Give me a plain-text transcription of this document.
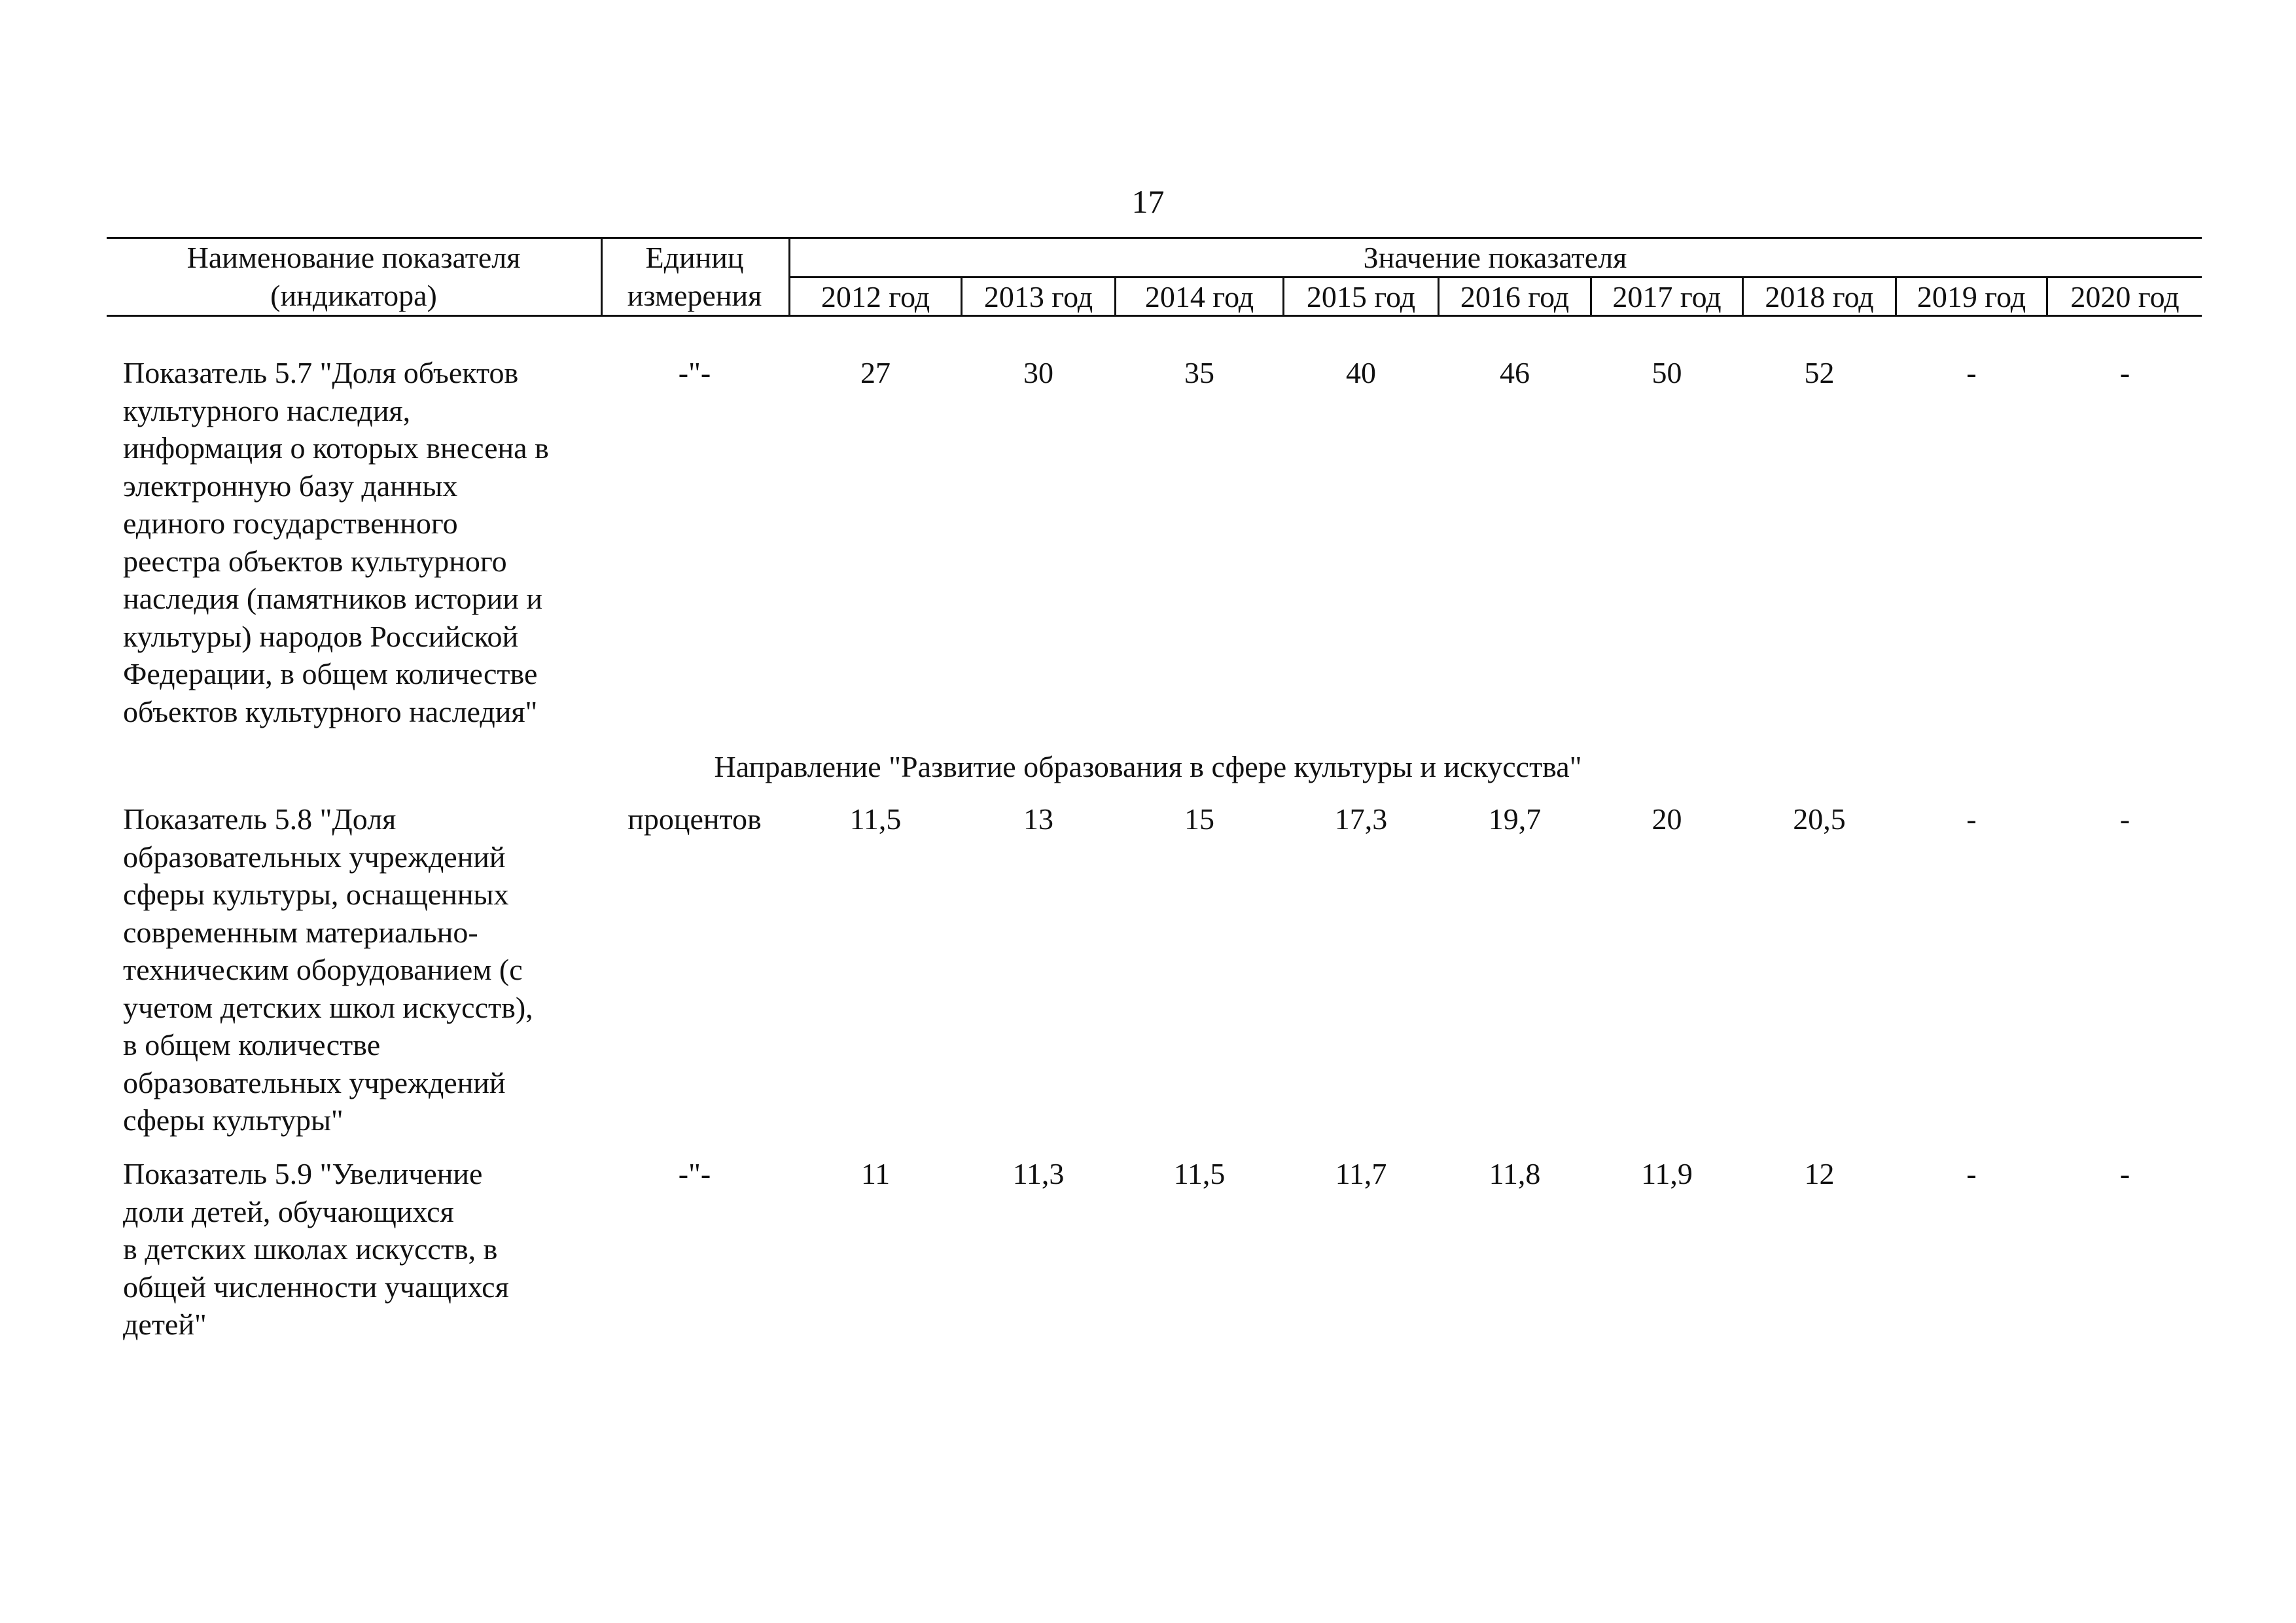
17
Наименование показателя
(индикатора)
Единиц
измерения
Значение показателя
2012 год	2013 год	2014 год	2015 год	2016 год	2017 год	2018 год	2019 год	2020 год
Показатель 5.7 "Доля объектов
культурного наследия,
информация о которых внесена в
электронную базу данных
единого государственного
реестра объектов культурного
наследия (памятников истории и
культуры) народов Российской
Федерации, в общем количестве
объектов культурного наследия"
-"-	27	30	35	40	46	50	52	-	-
Направление "Развитие образования в сфере культуры и искусства"
Показатель 5.8 "Доля
образовательных учреждений
сферы культуры, оснащенных
современным материально-
техническим оборудованием (с
учетом детских школ искусств),
в общем количестве
образовательных учреждений
сферы культуры"
процентов	11,5	13	15	17,3	19,7	20	20,5	-	-
Показатель 5.9 "Увеличение
доли детей, обучающихся
в детских школах искусств, в
общей численности учащихся
детей"
-"-	11	11,3	11,5	11,7	11,8	11,9	12	-	-
